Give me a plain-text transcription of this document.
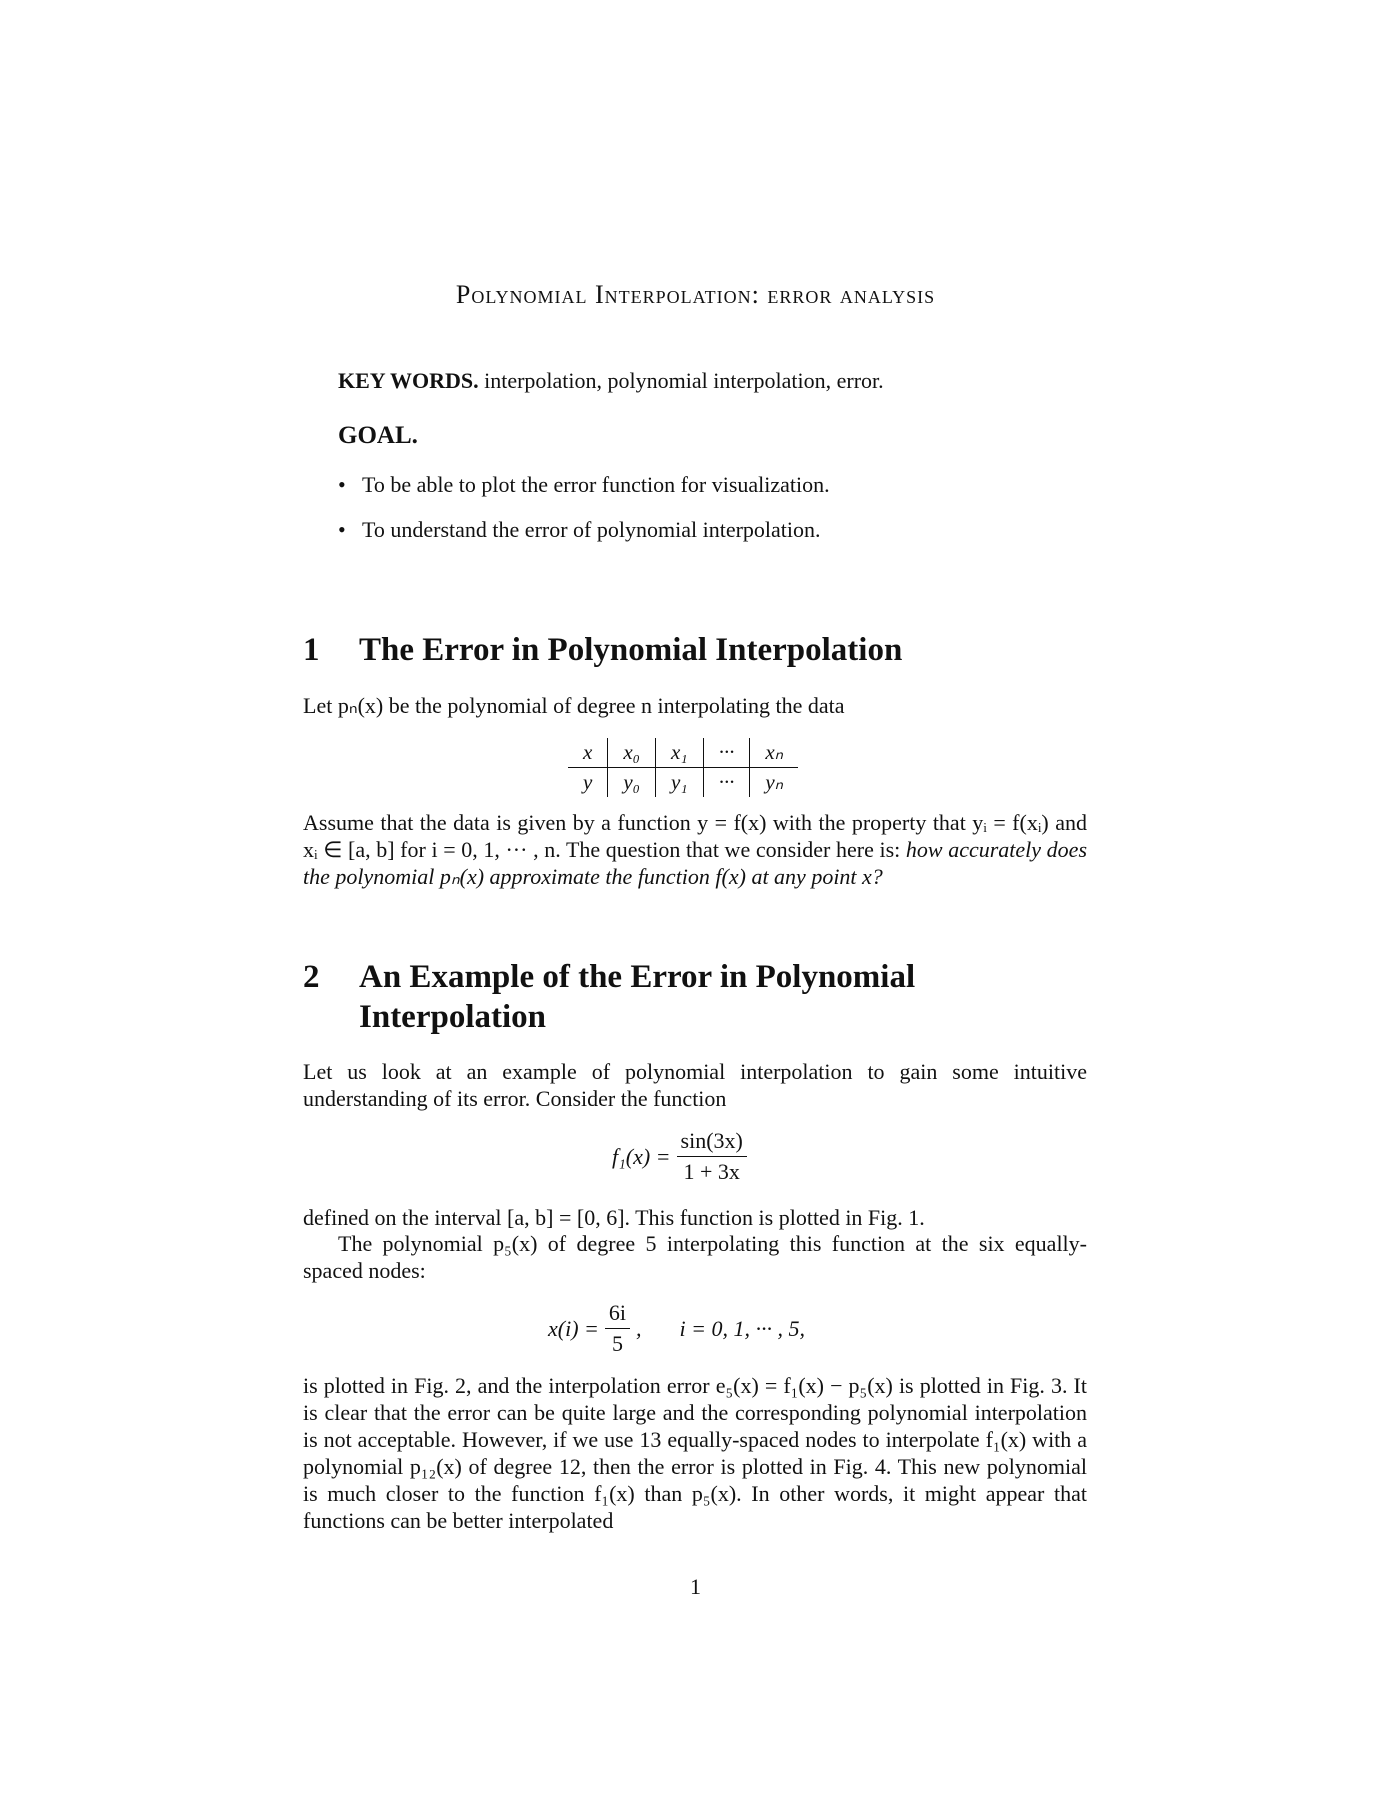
Polynomial Interpolation: error analysis
KEY WORDS. interpolation, polynomial interpolation, error.
GOAL.
• To be able to plot the error function for visualization.
• To understand the error of polynomial interpolation.
1 The Error in Polynomial Interpolation
Let pₙ(x) be the polynomial of degree n interpolating the data
x	x₀	x₁	···	xₙ
y	y₀	y₁	···	yₙ
Assume that the data is given by a function y = f(x) with the property that yᵢ = f(xᵢ) and xᵢ ∈ [a, b] for i = 0, 1, ··· , n. The question that we consider here is: how accurately does the polynomial pₙ(x) approximate the function f(x) at any point x?
2 An Example of the Error in Polynomial Interpolation
Let us look at an example of polynomial interpolation to gain some intuitive understanding of its error. Consider the function
$f_1(x) = \frac{\sin(3x)}{1 + 3x}$
defined on the interval [a, b] = [0, 6]. This function is plotted in Fig. 1.
The polynomial p₅(x) of degree 5 interpolating this function at the six equally-spaced nodes:
$x(i) = \frac{6i}{5}$ , i = 0, 1, ··· , 5,
is plotted in Fig. 2, and the interpolation error e₅(x) = f₁(x) − p₅(x) is plotted in Fig. 3. It is clear that the error can be quite large and the corresponding polynomial interpolation is not acceptable. However, if we use 13 equally-spaced nodes to interpolate f₁(x) with a polynomial p₁₂(x) of degree 12, then the error is plotted in Fig. 4. This new polynomial is much closer to the function f₁(x) than p₅(x). In other words, it might appear that functions can be better interpolated
1
